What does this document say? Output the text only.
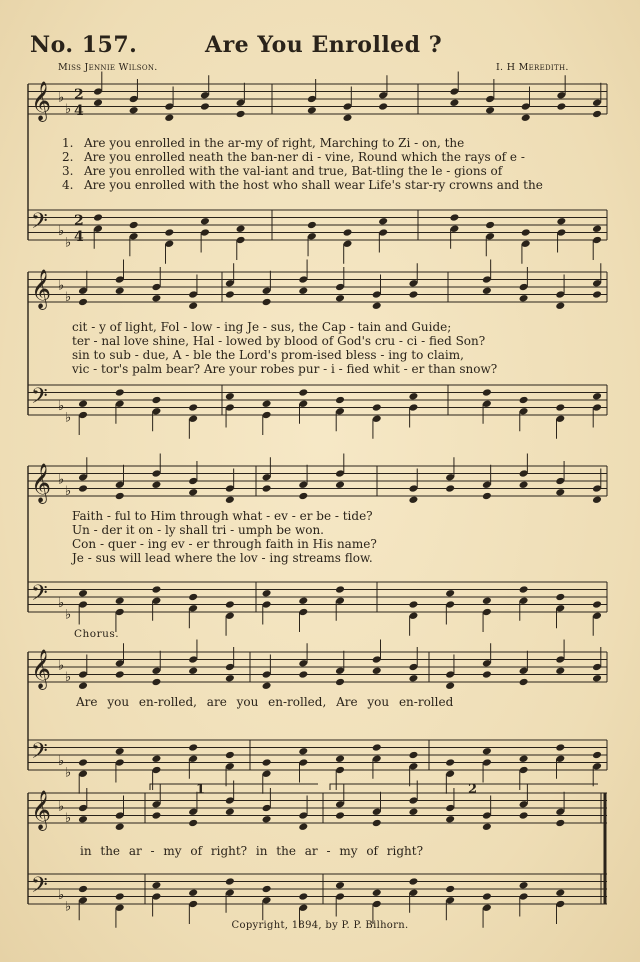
No. 157.	Are You Enrolled ?
Miss Jennie Wilson.	I. H Meredith.
𝄞 ♭
♭
2
4
𝄢 ♭
♭
2
4
𝄞 ♭
♭
𝄢 ♭
♭
𝄞 ♭
♭
𝄢 ♭
♭
𝄞 ♭
♭
𝄢 ♭
♭
𝄞 ♭
♭
𝄢 ♭
♭
1. Are you enrolled in the ar-my of right, Marching to Zi - on, the
2. Are you enrolled neath the ban-ner di - vine, Round which the rays of e -
3. Are you enrolled with the val-iant and true, Bat-tling the le - gions of
4. Are you enrolled with the host who shall wear Life's star-ry crowns and the
cit - y of light, Fol - low - ing Je - sus, the Cap - tain and Guide;
ter - nal love shine, Hal - lowed by blood of God's cru - ci - fied Son?
sin to sub - due, A - ble the Lord's prom-ised bless - ing to claim,
vic - tor's palm bear? Are your robes pur - i - fied whit - er than snow?
Faith - ful to Him through what - ev - er be - tide?
Un - der it on - ly shall tri - umph be won.
Con - quer - ing ev - er through faith in His name?
Je - sus will lead where the lov - ing streams flow.
Chorus.
Are you en-rolled, are you en-rolled, Are you en-rolled
in the ar - my of right? in the ar - my of right?
1	2
Copyright, 1894, by P. P. Bilhorn.
